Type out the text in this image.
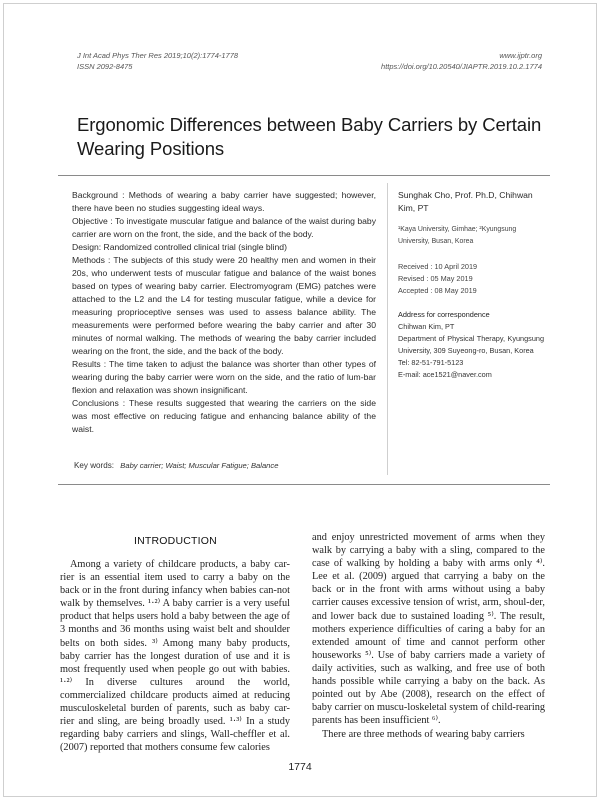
J Int Acad Phys Ther Res 2019;10(2):1774-1778
ISSN 2092-8475
www.ijptr.org
https://doi.org/10.20540/JIAPTR.2019.10.2.1774
Ergonomic Differences between Baby Carriers by Certain Wearing Positions

Background : Methods of wearing a baby carrier have suggested; however, there have been no studies suggesting ideal ways.

Objective : To investigate muscular fatigue and balance of the waist during baby carrier are worn on the front, the side, and the back of the body.

Design: Randomized controlled clinical trial (single blind)

Methods : The subjects of this study were 20 healthy men and women in their 20s, who underwent tests of muscular fatigue and balance of the waist bones based on types of wearing baby carrier. Electromyogram (EMG) patches were attached to the L2 and the L4 for testing muscular fatigue, while a device for measuring proprioceptive senses was used to assess balance ability. The measurements were performed before wearing the baby carrier and after 30 minutes of normal walking. The methods of wearing the baby carrier included wearing on the front, the side, and the back of the body.

Results : The time taken to adjust the balance was shorter than other types of wearing during the baby carrier were worn on the side, and the ratio of lum-bar flexion and relaxation was shown insignificant.

Conclusions : These results suggested that wearing the carriers on the side was most effective on reducing fatigue and enhancing balance ability of the waist.

Key words: Baby carrier; Waist; Muscular Fatigue; Balance
Sunghak Cho, Prof. Ph.D, Chihwan Kim, PT
¹Kaya University, Gimhae; ²Kyungsung University, Busan, Korea
Received : 10 April 2019
Revised : 05 May 2019
Accepted : 08 May 2019
Address for correspondence
Chihwan Kim, PT
Department of Physical Therapy, Kyungsung University, 309 Suyeong-ro, Busan, Korea
Tel: 82-51-791-5123
E-mail: ace1521@naver.com
INTRODUCTION

Among a variety of childcare products, a baby car-rier is an essential item used to carry a baby on the back or in the front during infancy when babies can-not walk by themselves. ¹·²⁾ A baby carrier is a very useful product that helps users hold a baby between the age of 3 months and 36 months using waist belt and shoulder belts on both sides. ³⁾ Among many baby products, baby carrier has the longest duration of use and it is most frequently used when people go out with babies. ¹·²⁾ In diverse cultures around the world, commercialized childcare products aimed at reducing musculoskeletal burden of parents, such as baby car-rier and sling, are being broadly used. ¹·³⁾ In a study regarding baby carriers and slings, Wall-cheffler et al. (2007) reported that mothers consume few calories

and enjoy unrestricted movement of arms when they walk by carrying a baby with a sling, compared to the case of walking by holding a baby with arms only ⁴⁾. Lee et al. (2009) argued that carrying a baby on the back or in the front with arms without using a baby carrier causes excessive tension of wrist, arm, shoul-der, and lower back due to sustained loading ⁵⁾. The result, mothers experience difficulties of caring a baby for an extended amount of time and cannot perform other houseworks ⁵⁾. Use of baby carriers made a variety of daily activities, such as walking, and free use of both hands possible while carrying a baby on the back. As pointed out by Abe (2008), research on the effect of baby carrier on muscu-loskeletal system of child-rearing parents has been insufficient ⁶⁾.

There are three methods of wearing baby carriers

1774
